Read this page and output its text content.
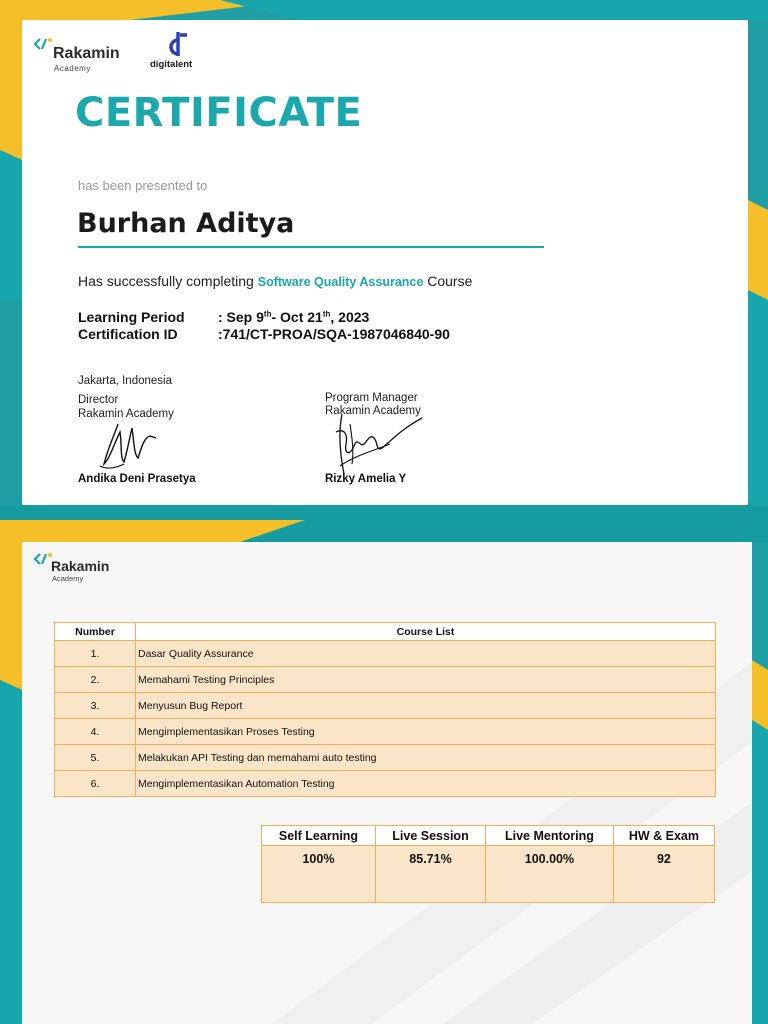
Rakamin
Academy	digitalent
CERTIFICATE
has been presented to
Burhan Aditya
Has successfully completing Software Quality Assurance Course
Learning Period : Sep 9th- Oct 21th, 2023
Certification ID	:741/CT-PROA/SQA-1987046840-90
Jakarta, Indonesia
Director
Rakamin Academy
Andika Deni Prasetya
Program Manager
Rakamin Academy
Rizky Amelia Y
Rakamin
Academy
Number	Course List
1.	Dasar Quality Assurance
2.	Memahami Testing Principles
3.	Menyusun Bug Report
4.	Mengimplementasikan Proses Testing
5.	Melakukan API Testing dan memahami auto testing
6.	Mengimplementasikan Automation Testing
Self Learning	Live Session	Live Mentoring	HW & Exam
100%	85.71%	100.00%	92
